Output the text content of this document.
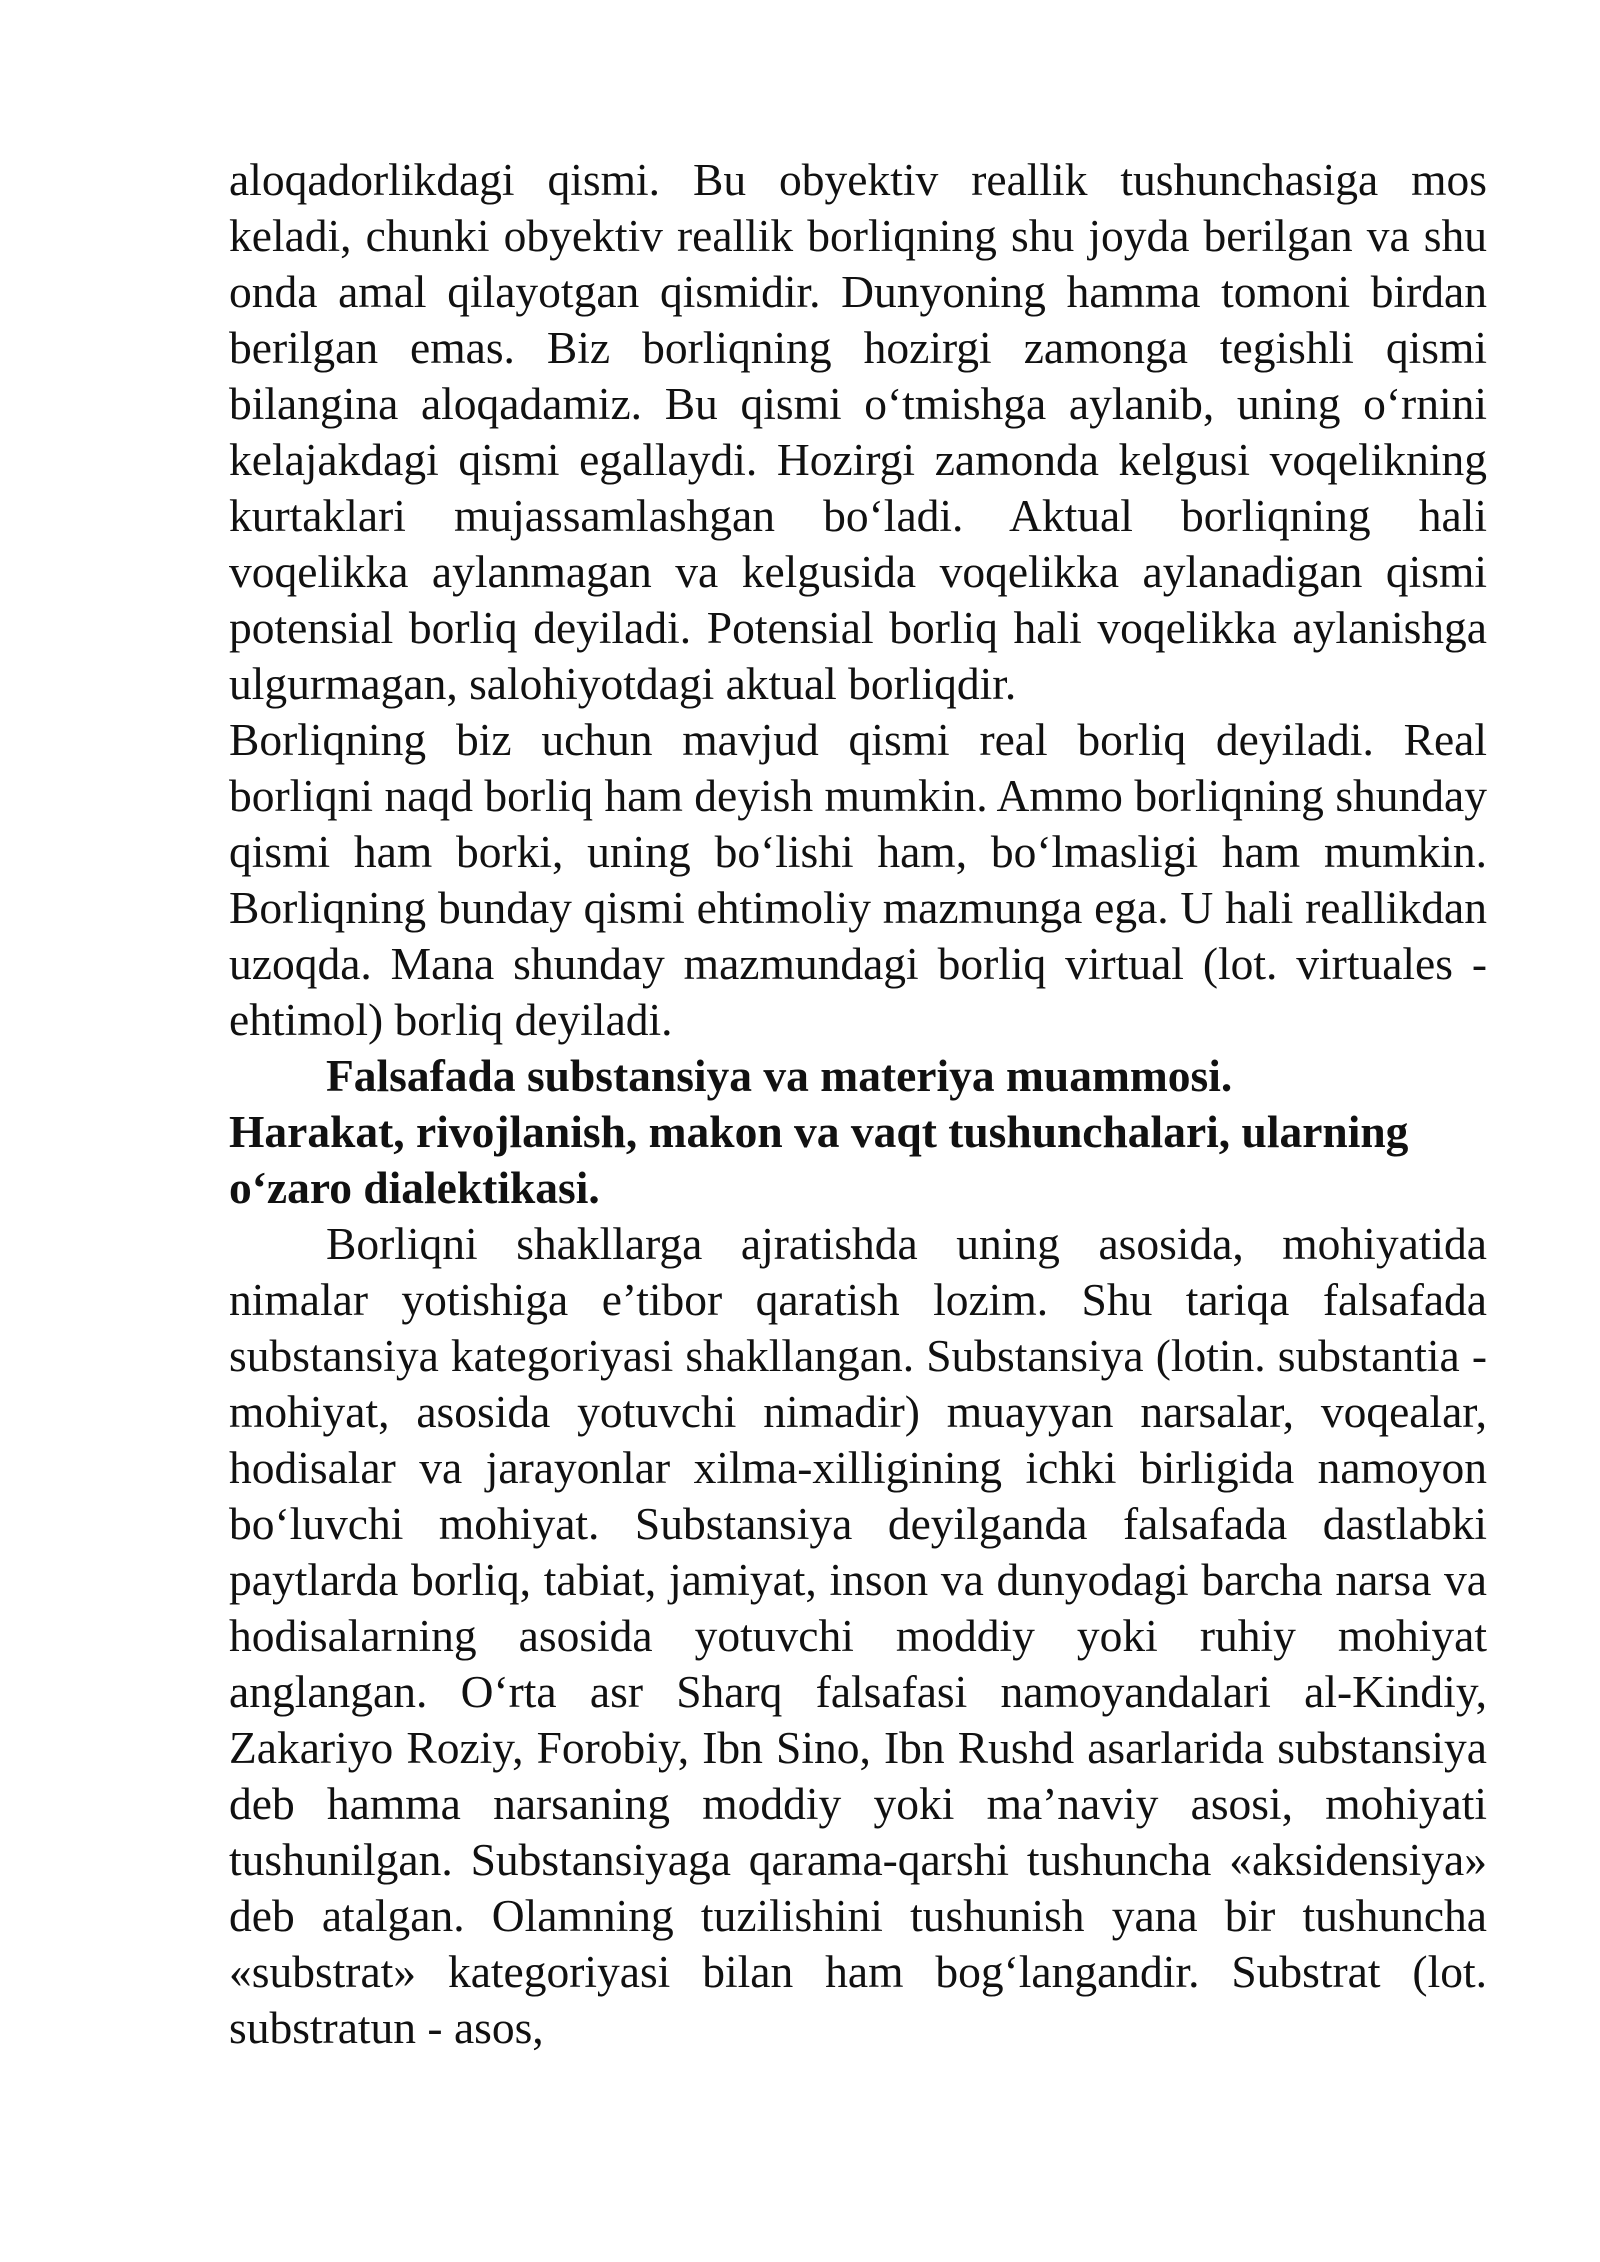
aloqadorlikdagi qismi. Bu obyektiv reallik tushunchasiga mos keladi, chunki obyektiv reallik borliqning shu joyda berilgan va shu onda amal qilayotgan qismidir. Dunyoning hamma tomoni birdan berilgan emas. Biz borliqning hozirgi zamonga tegishli qismi bilangina aloqadamiz. Bu qismi o‘tmishga aylanib, uning o‘rnini kelajakdagi qismi egallaydi. Hozirgi zamonda kelgusi voqelikning kurtaklari mujassamlashgan bo‘ladi. Aktual borliqning hali voqelikka aylanmagan va kelgusida voqelikka aylanadigan qismi potensial borliq deyiladi. Potensial borliq hali voqelikka aylanishga ulgurmagan, salohiyotdagi aktual borliqdir.

Borliqning biz uchun mavjud qismi real borliq deyiladi. Real borliqni naqd borliq ham deyish mumkin. Ammo borliqning shunday qismi ham borki, uning bo‘lishi ham, bo‘lmasligi ham mumkin. Borliqning bunday qismi ehtimoliy mazmunga ega. U hali reallikdan uzoqda. Mana shunday mazmundagi borliq virtual (lot. virtuales - ehtimol) borliq deyiladi.

Falsafada substansiya va materiya muammosi.

Harakat, rivojlanish, makon va vaqt tushunchalari, ularning o‘zaro dialektikasi.

Borliqni shakllarga ajratishda uning asosida, mohiyatida nimalar yotishiga e’tibor qaratish lozim. Shu tariqa falsafada substansiya kategoriyasi shakllangan. Substansiya (lotin. substantia - mohiyat, asosida yotuvchi nimadir) muayyan narsalar, voqealar, hodisalar va jarayonlar xilma-xilligining ichki birligida namoyon bo‘luvchi mohiyat. Substansiya deyilganda falsafada dastlabki paytlarda borliq, tabiat, jamiyat, inson va dunyodagi barcha narsa va hodisalarning asosida yotuvchi moddiy yoki ruhiy mohiyat anglangan. O‘rta asr Sharq falsafasi namoyandalari al-Kindiy, Zakariyo Roziy, Forobiy, Ibn Sino, Ibn Rushd asarlarida substansiya deb hamma narsaning moddiy yoki ma’naviy asosi, mohiyati tushunilgan. Substansiyaga qarama-qarshi tushuncha «aksidensiya» deb atalgan. Olamning tuzilishini tushunish yana bir tushuncha «substrat» kategoriyasi bilan ham bog‘langandir. Substrat (lot. substratun - asos,
